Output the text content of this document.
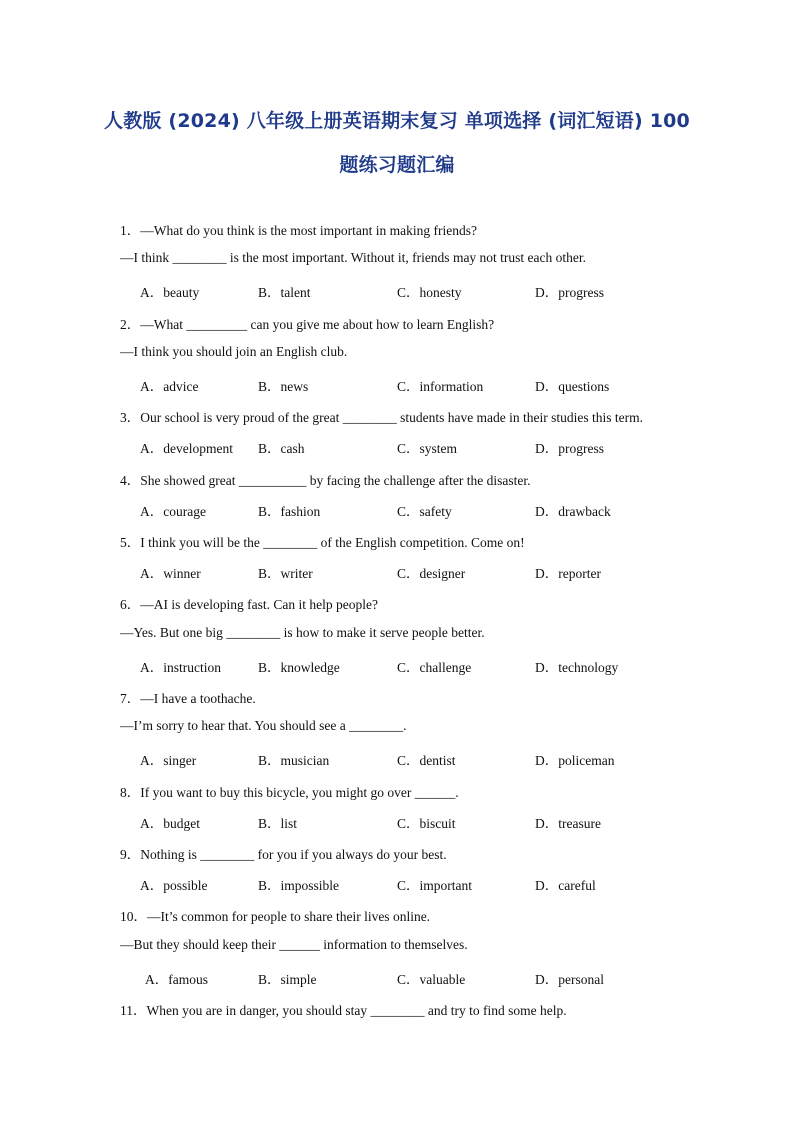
人教版 (2024) 八年级上册英语期末复习 单项选择 (词汇短语) 100
题练习题汇编
1．—What do you think is the most important in making friends?
—I think ________ is the most important. Without it, friends may not trust each other.
A．beauty	B．talent	C．honesty	D．progress
2．—What _________ can you give me about how to learn English?
—I think you should join an English club.
A．advice	B．news	C．information	D．questions
3．Our school is very proud of the great ________ students have made in their studies this term.
A．development B．cash	C．system	D．progress
4．She showed great __________ by facing the challenge after the disaster.
A．courage	B．fashion	C．safety	D．drawback
5．I think you will be the ________ of the English competition. Come on!
A．winner	B．writer	C．designer	D．reporter
6．—AI is developing fast. Can it help people?
—Yes. But one big ________ is how to make it serve people better.
A．instruction	B．knowledge	C．challenge	D．technology
7．—I have a toothache.
—I’m sorry to hear that. You should see a ________.
A．singer	B．musician	C．dentist	D．policeman
8．If you want to buy this bicycle, you might go over ______.
A．budget	B．list	C．biscuit	D．treasure
9．Nothing is ________ for you if you always do your best.
A．possible	B．impossible	C．important	D．careful
10．—It’s common for people to share their lives online.
—But they should keep their ______ information to themselves.
A．famous	B．simple	C．valuable	D．personal
11．When you are in danger, you should stay ________ and try to find some help.
